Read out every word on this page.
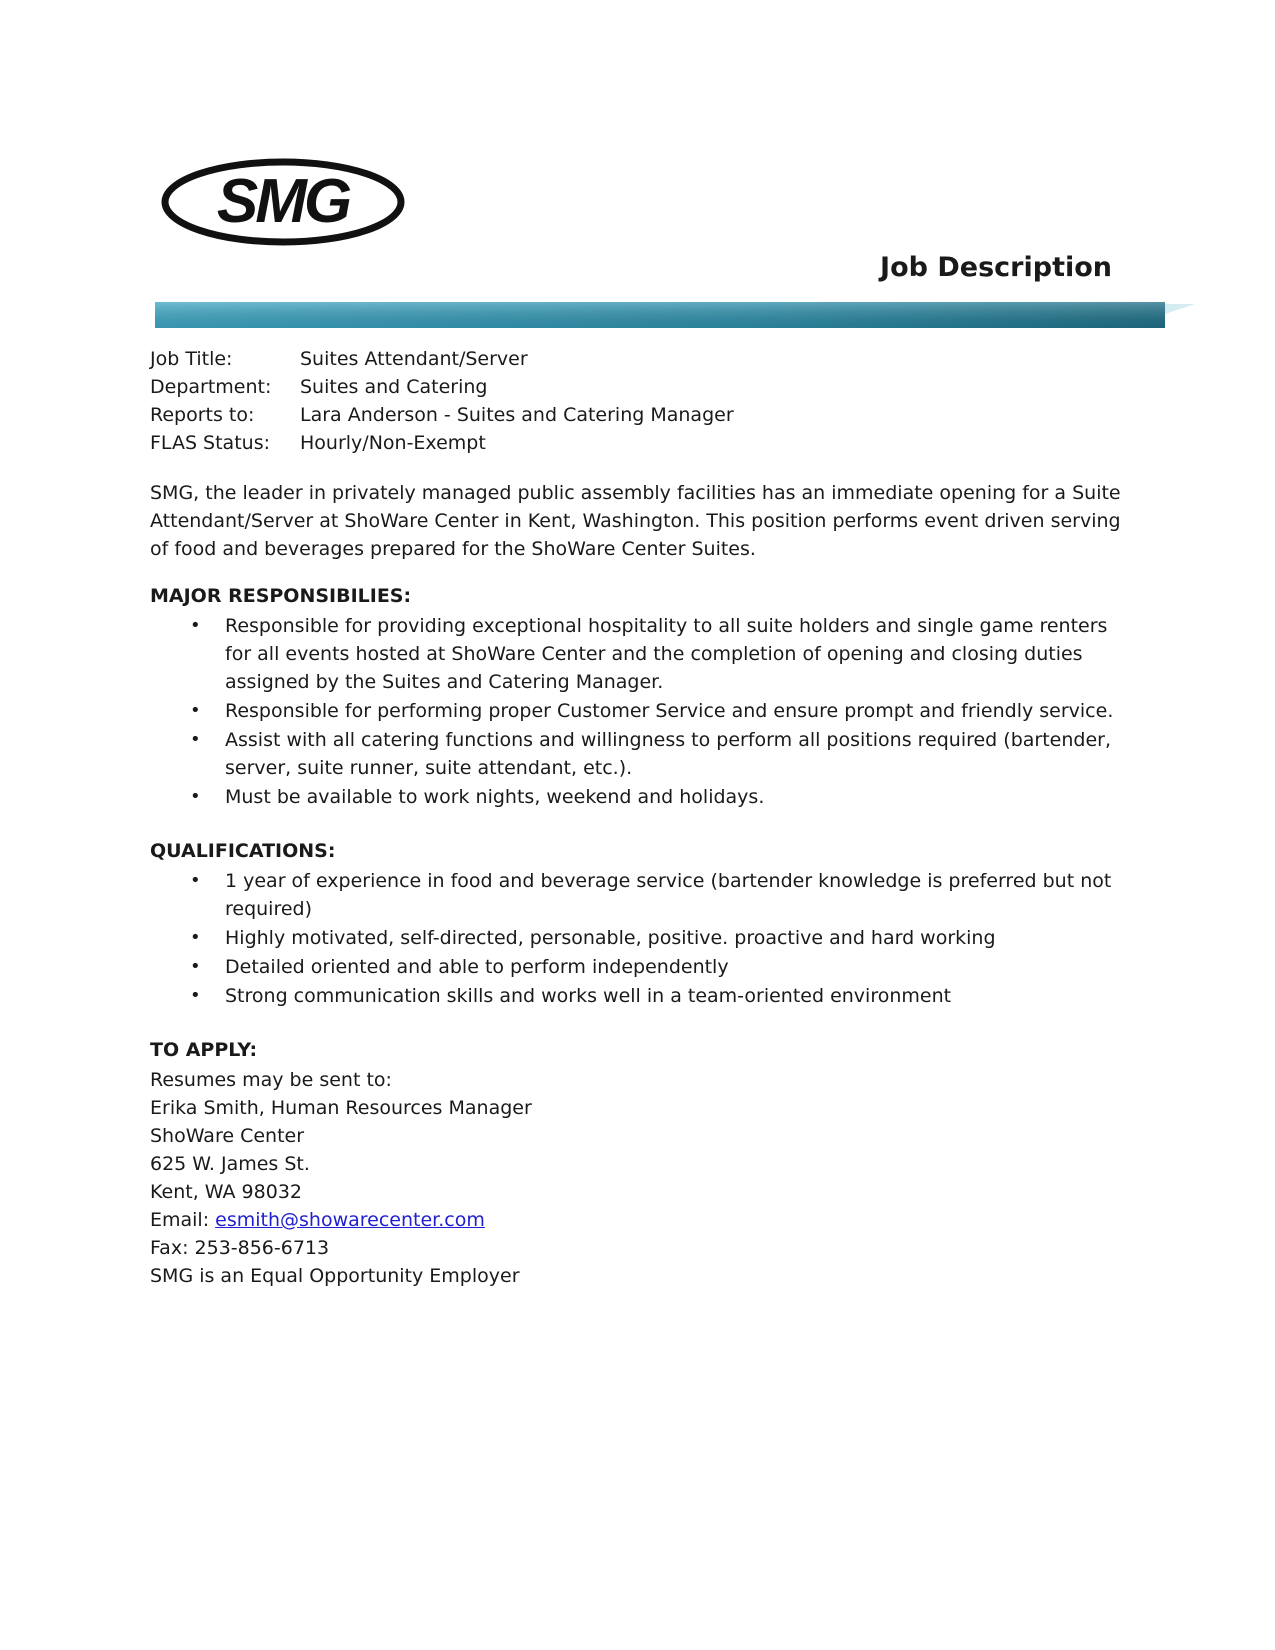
SMG
Job Description
Job Title:	Suites Attendant/Server
Department:	Suites and Catering
Reports to:	Lara Anderson - Suites and Catering Manager
FLAS Status:	Hourly/Non-Exempt

SMG, the leader in privately managed public assembly facilities has an immediate opening for a Suite Attendant/Server at ShoWare Center in Kent, Washington. This position performs event driven serving of food and beverages prepared for the ShoWare Center Suites.

MAJOR RESPONSIBILIES:
• Responsible for providing exceptional hospitality to all suite holders and single game renters for all events hosted at ShoWare Center and the completion of opening and closing duties assigned by the Suites and Catering Manager.
• Responsible for performing proper Customer Service and ensure prompt and friendly service.
• Assist with all catering functions and willingness to perform all positions required (bartender, server, suite runner, suite attendant, etc.).
• Must be available to work nights, weekend and holidays.
QUALIFICATIONS:
• 1 year of experience in food and beverage service (bartender knowledge is preferred but not required)
• Highly motivated, self-directed, personable, positive. proactive and hard working
• Detailed oriented and able to perform independently
• Strong communication skills and works well in a team-oriented environment
TO APPLY:
Resumes may be sent to:
Erika Smith, Human Resources Manager
ShoWare Center
625 W. James St.
Kent, WA 98032
Email: esmith@showarecenter.com
Fax: 253-856-6713
SMG is an Equal Opportunity Employer
